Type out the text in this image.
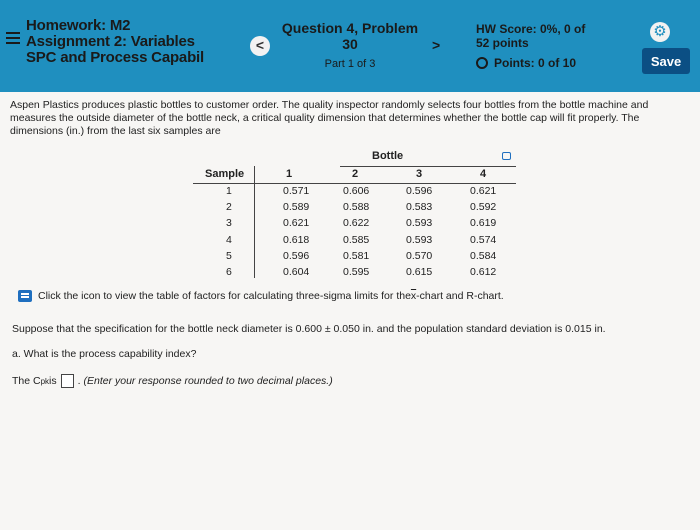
Homework: M2
Assignment 2: Variables
SPC and Process Capabil
<
Question 4, Problem
30
Part 1 of 3
>
HW Score: 0%, 0 of
52 points
Points: 0 of 10
⚙
Save

Aspen Plastics produces plastic bottles to customer order. The quality inspector randomly selects four bottles from the bottle machine and measures the outside diameter of the bottle neck, a critical quality dimension that determines whether the bottle cap will fit properly. The dimensions (in.) from the last six samples are

Bottle
Sample	1	2	3	4
1	0.571	0.606	0.596	0.621
2	0.589	0.588	0.583	0.592
3	0.621	0.622	0.593	0.619
4	0.618	0.585	0.593	0.574
5	0.596	0.581	0.570	0.584
6	0.604	0.595	0.615	0.612
Click the icon to view the table of factors for calculating three-sigma limits for the $\overline{x}$ -chart and R-chart.
Suppose that the specification for the bottle neck diameter is 0.600 ± 0.050 in. and the population standard deviation is 0.015 in.
a. What is the process capability index?
The C pk is .
(Enter your response rounded to two decimal places.)
